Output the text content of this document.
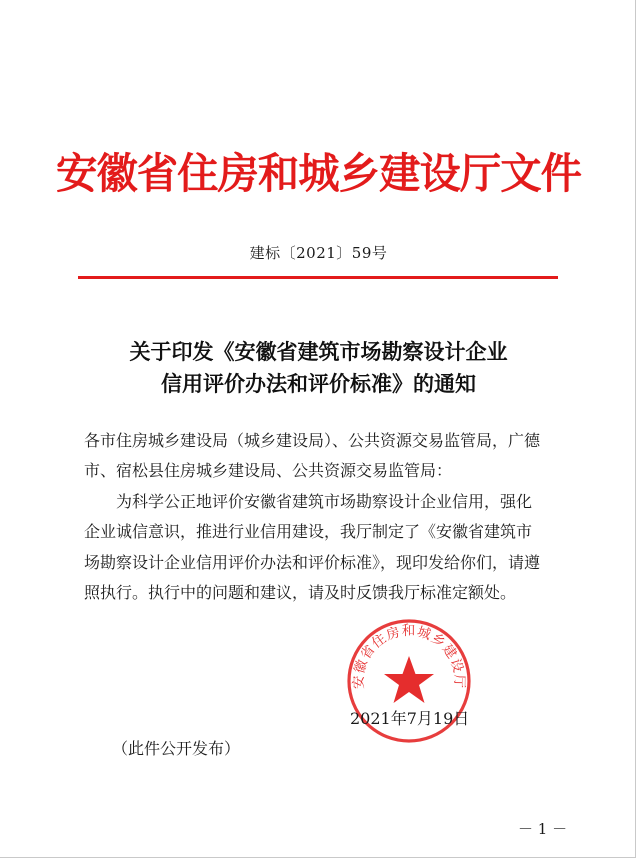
安徽省住房和城乡建设厅文件
建标〔2021〕59号
关于印发《安徽省建筑市场勘察设计企业
信用评价办法和评价标准》的通知
各市住房城乡建设局（城乡建设局）、公共资源交易监管局，广德
市、宿松县住房城乡建设局、公共资源交易监管局：
　　为科学公正地评价安徽省建筑市场勘察设计企业信用，强化
企业诚信意识，推进行业信用建设，我厅制定了《安徽省建筑市
场勘察设计企业信用评价办法和评价标准》，现印发给你们，请遵
照执行。执行中的问题和建议，请及时反馈我厅标准定额处。
安徽省住房和城乡建设厅
2021年7月19日
（此件公开发布）
－ 1 －
